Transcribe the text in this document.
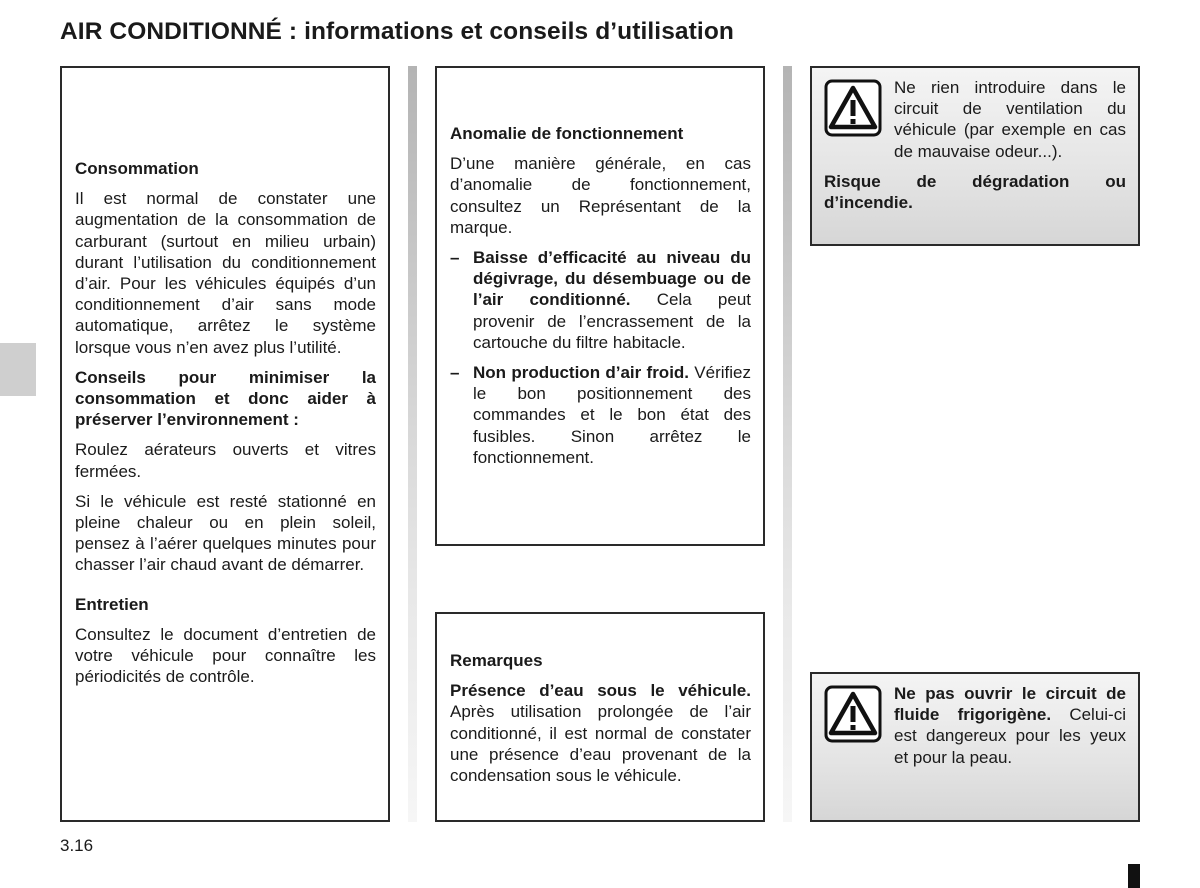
AIR CONDITIONNÉ : informations et conseils d’utilisation
Consommation

Il est normal de constater une augmentation de la consommation de carburant (surtout en milieu urbain) durant l’utilisation du conditionnement d’air. Pour les véhicules équipés d’un conditionnement d’air sans mode automatique, arrêtez le système lorsque vous n’en avez plus l’utilité.

Conseils pour minimiser la consommation et donc aider à préserver l’environnement :

Roulez aérateurs ouverts et vitres fermées.

Si le véhicule est resté stationné en pleine chaleur ou en plein soleil, pensez à l’aérer quelques minutes pour chasser l’air chaud avant de démarrer.

Entretien

Consultez le document d’entretien de votre véhicule pour connaître les périodicités de contrôle.

Anomalie de fonctionnement

D’une manière générale, en cas d’anomalie de fonctionnement, consultez un Représentant de la marque.

– Baisse d’efficacité au niveau du dégivrage, du désembuage ou de l’air conditionné. Cela peut provenir de l’encrassement de la cartouche du filtre habitacle.
– Non production d’air froid. Vérifiez le bon positionnement des commandes et le bon état des fusibles. Sinon arrêtez le fonctionnement.
Remarques

Présence d’eau sous le véhicule. Après utilisation prolongée de l’air conditionné, il est normal de constater une présence d’eau provenant de la condensation sous le véhicule.

Ne rien introduire dans le circuit de ventilation du véhicule (par exemple en cas de mauvaise odeur...).

Risque de dégradation ou d’incendie.

Ne pas ouvrir le circuit de fluide frigorigène. Celui-ci est dangereux pour les yeux et pour la peau.
3.16
